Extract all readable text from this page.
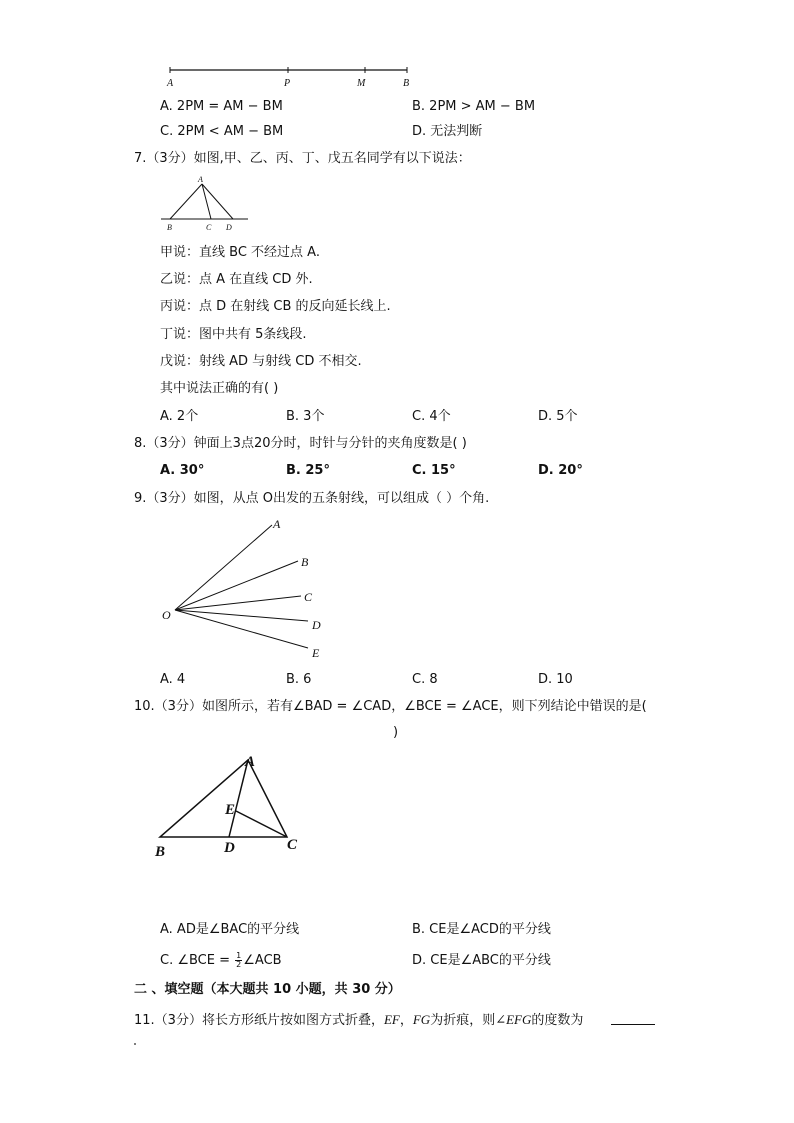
A	P	M	B
A. 2PM = AM − BM	B. 2PM > AM − BM
C. 2PM < AM − BM	D. 无法判断
7.（3分）如图,甲、乙、丙、丁、戊五名同学有以下说法：
A
B	C D
甲说：直线 BC 不经过点 A.
乙说：点 A 在直线 CD 外.
丙说：点 D 在射线 CB 的反向延长线上.
丁说：图中共有 5条线段.
戊说：射线 AD 与射线 CD 不相交.
其中说法正确的有( )
A. 2个	B. 3个	C. 4个	D. 5个
8.（3分）钟面上3点20分时，时针与分针的夹角度数是( )
A. 30°	B. 25°	C. 15°	D. 20°
9.（3分）如图，从点 O出发的五条射线，可以组成（ ）个角.
O
A
B
C
D
E
A. 4	B. 6	C. 8	D. 10
10.（3分）如图所示，若有∠BAD = ∠CAD，∠BCE = ∠ACE，则下列结论中错误的是(
)
A
E
B	D	C
A. AD是∠BAC的平分线	B. CE是∠ACD的平分线
C. ∠BCE = $\frac{1}{2}$ ∠ACB	D. CE是∠ABC的平分线
二 、填空题（本大题共 10 小题，共 30 分）
11.（3分）将长方形纸片按如图方式折叠，EF，FG为折痕，则∠EFG的度数为
